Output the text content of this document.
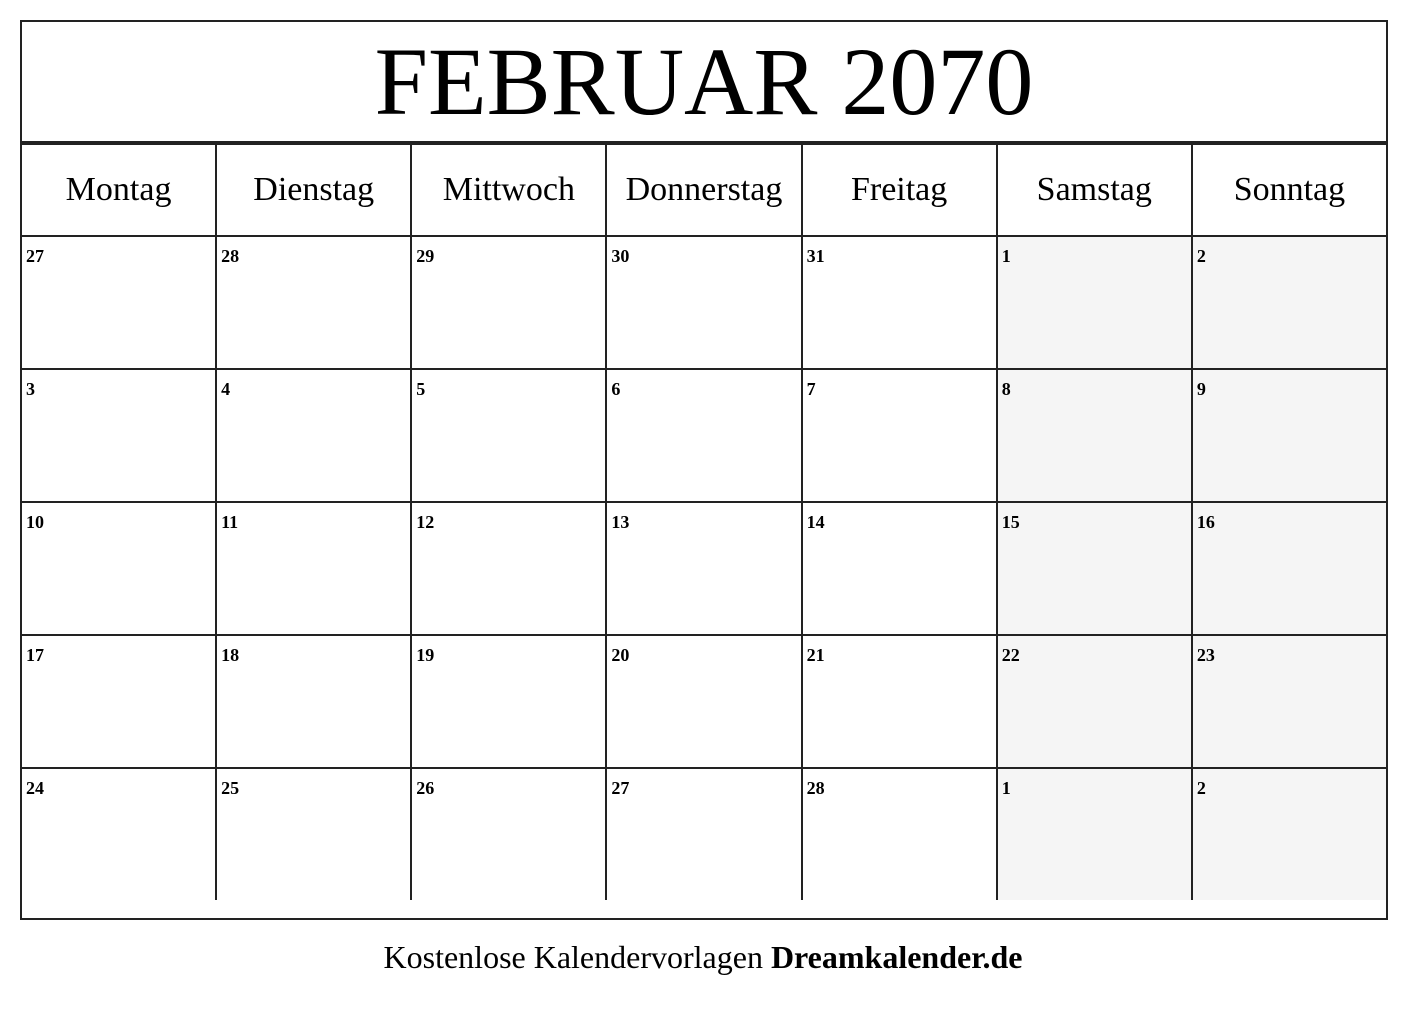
FEBRUAR 2070
Montag	Dienstag	Mittwoch	Donnerstag	Freitag	Samstag	Sonntag
27	28	29	30	31	1	2
3	4	5	6	7	8	9
10	11	12	13	14	15	16
17	18	19	20	21	22	23
24	25	26	27	28	1	2
Kostenlose Kalendervorlagen Dreamkalender.de
